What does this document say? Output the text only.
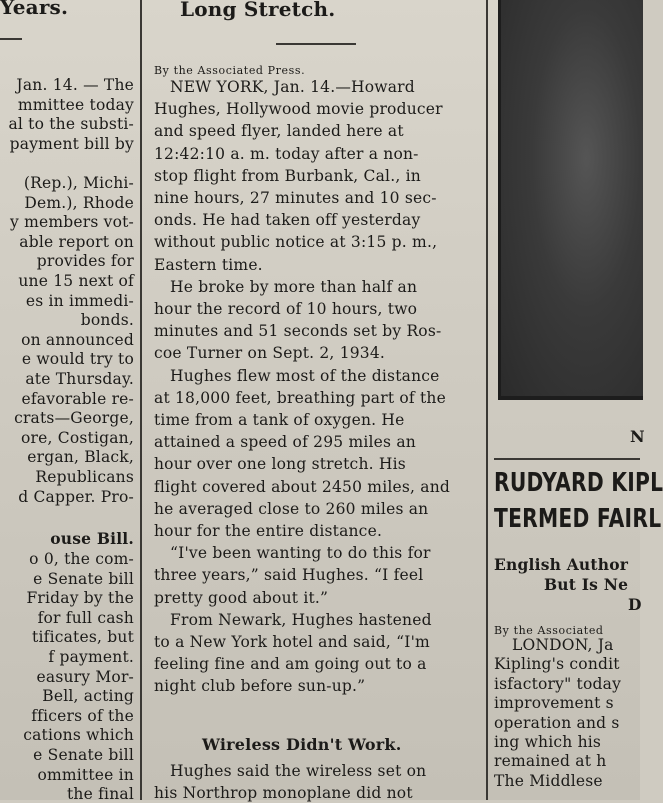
Years.
Jan. 14. — The
mmittee today
al to the substi-
payment bill by
(Rep.), Michi-
Dem.), Rhode
y members vot-
able report on
provides for
une 15 next of
es in immedi-
bonds.
on announced
e would try to
ate Thursday.
efavorable re-
crats—George,
ore, Costigan,
ergan, Black,
Republicans
d Capper. Pro-
ouse Bill.
o 0, the com-
e Senate bill
Friday by the
for full cash
tificates, but
f payment.
easury Mor-
Bell, acting
fficers of the
cations which
e Senate bill
ommittee in
the final
Long Stretch.
By the Associated Press.
NEW YORK, Jan. 14.—Howard
Hughes, Hollywood movie producer
and speed flyer, landed here at
12:42:10 a. m. today after a non-
stop flight from Burbank, Cal., in
nine hours, 27 minutes and 10 sec-
onds. He had taken off yesterday
without public notice at 3:15 p. m.,
Eastern time.
He broke by more than half an
hour the record of 10 hours, two
minutes and 51 seconds set by Ros-
coe Turner on Sept. 2, 1934.
Hughes flew most of the distance
at 18,000 feet, breathing part of the
time from a tank of oxygen. He
attained a speed of 295 miles an
hour over one long stretch. His
flight covered about 2450 miles, and
he averaged close to 260 miles an
hour for the entire distance.
“I've been wanting to do this for
three years,” said Hughes. “I feel
pretty good about it.”
From Newark, Hughes hastened
to a New York hotel and said, “I'm
feeling fine and am going out to a
night club before sun-up.”
Wireless Didn't Work.
Hughes said the wireless set on
his Northrop monoplane did not
N
RUDYARD KIPL
TERMED FAIRL
English Author
But Is Ne
D
By the Associated
LONDON, Ja
Kipling's condit
isfactory" today
improvement s
operation and s
ing which his
remained at h
The Middlese
